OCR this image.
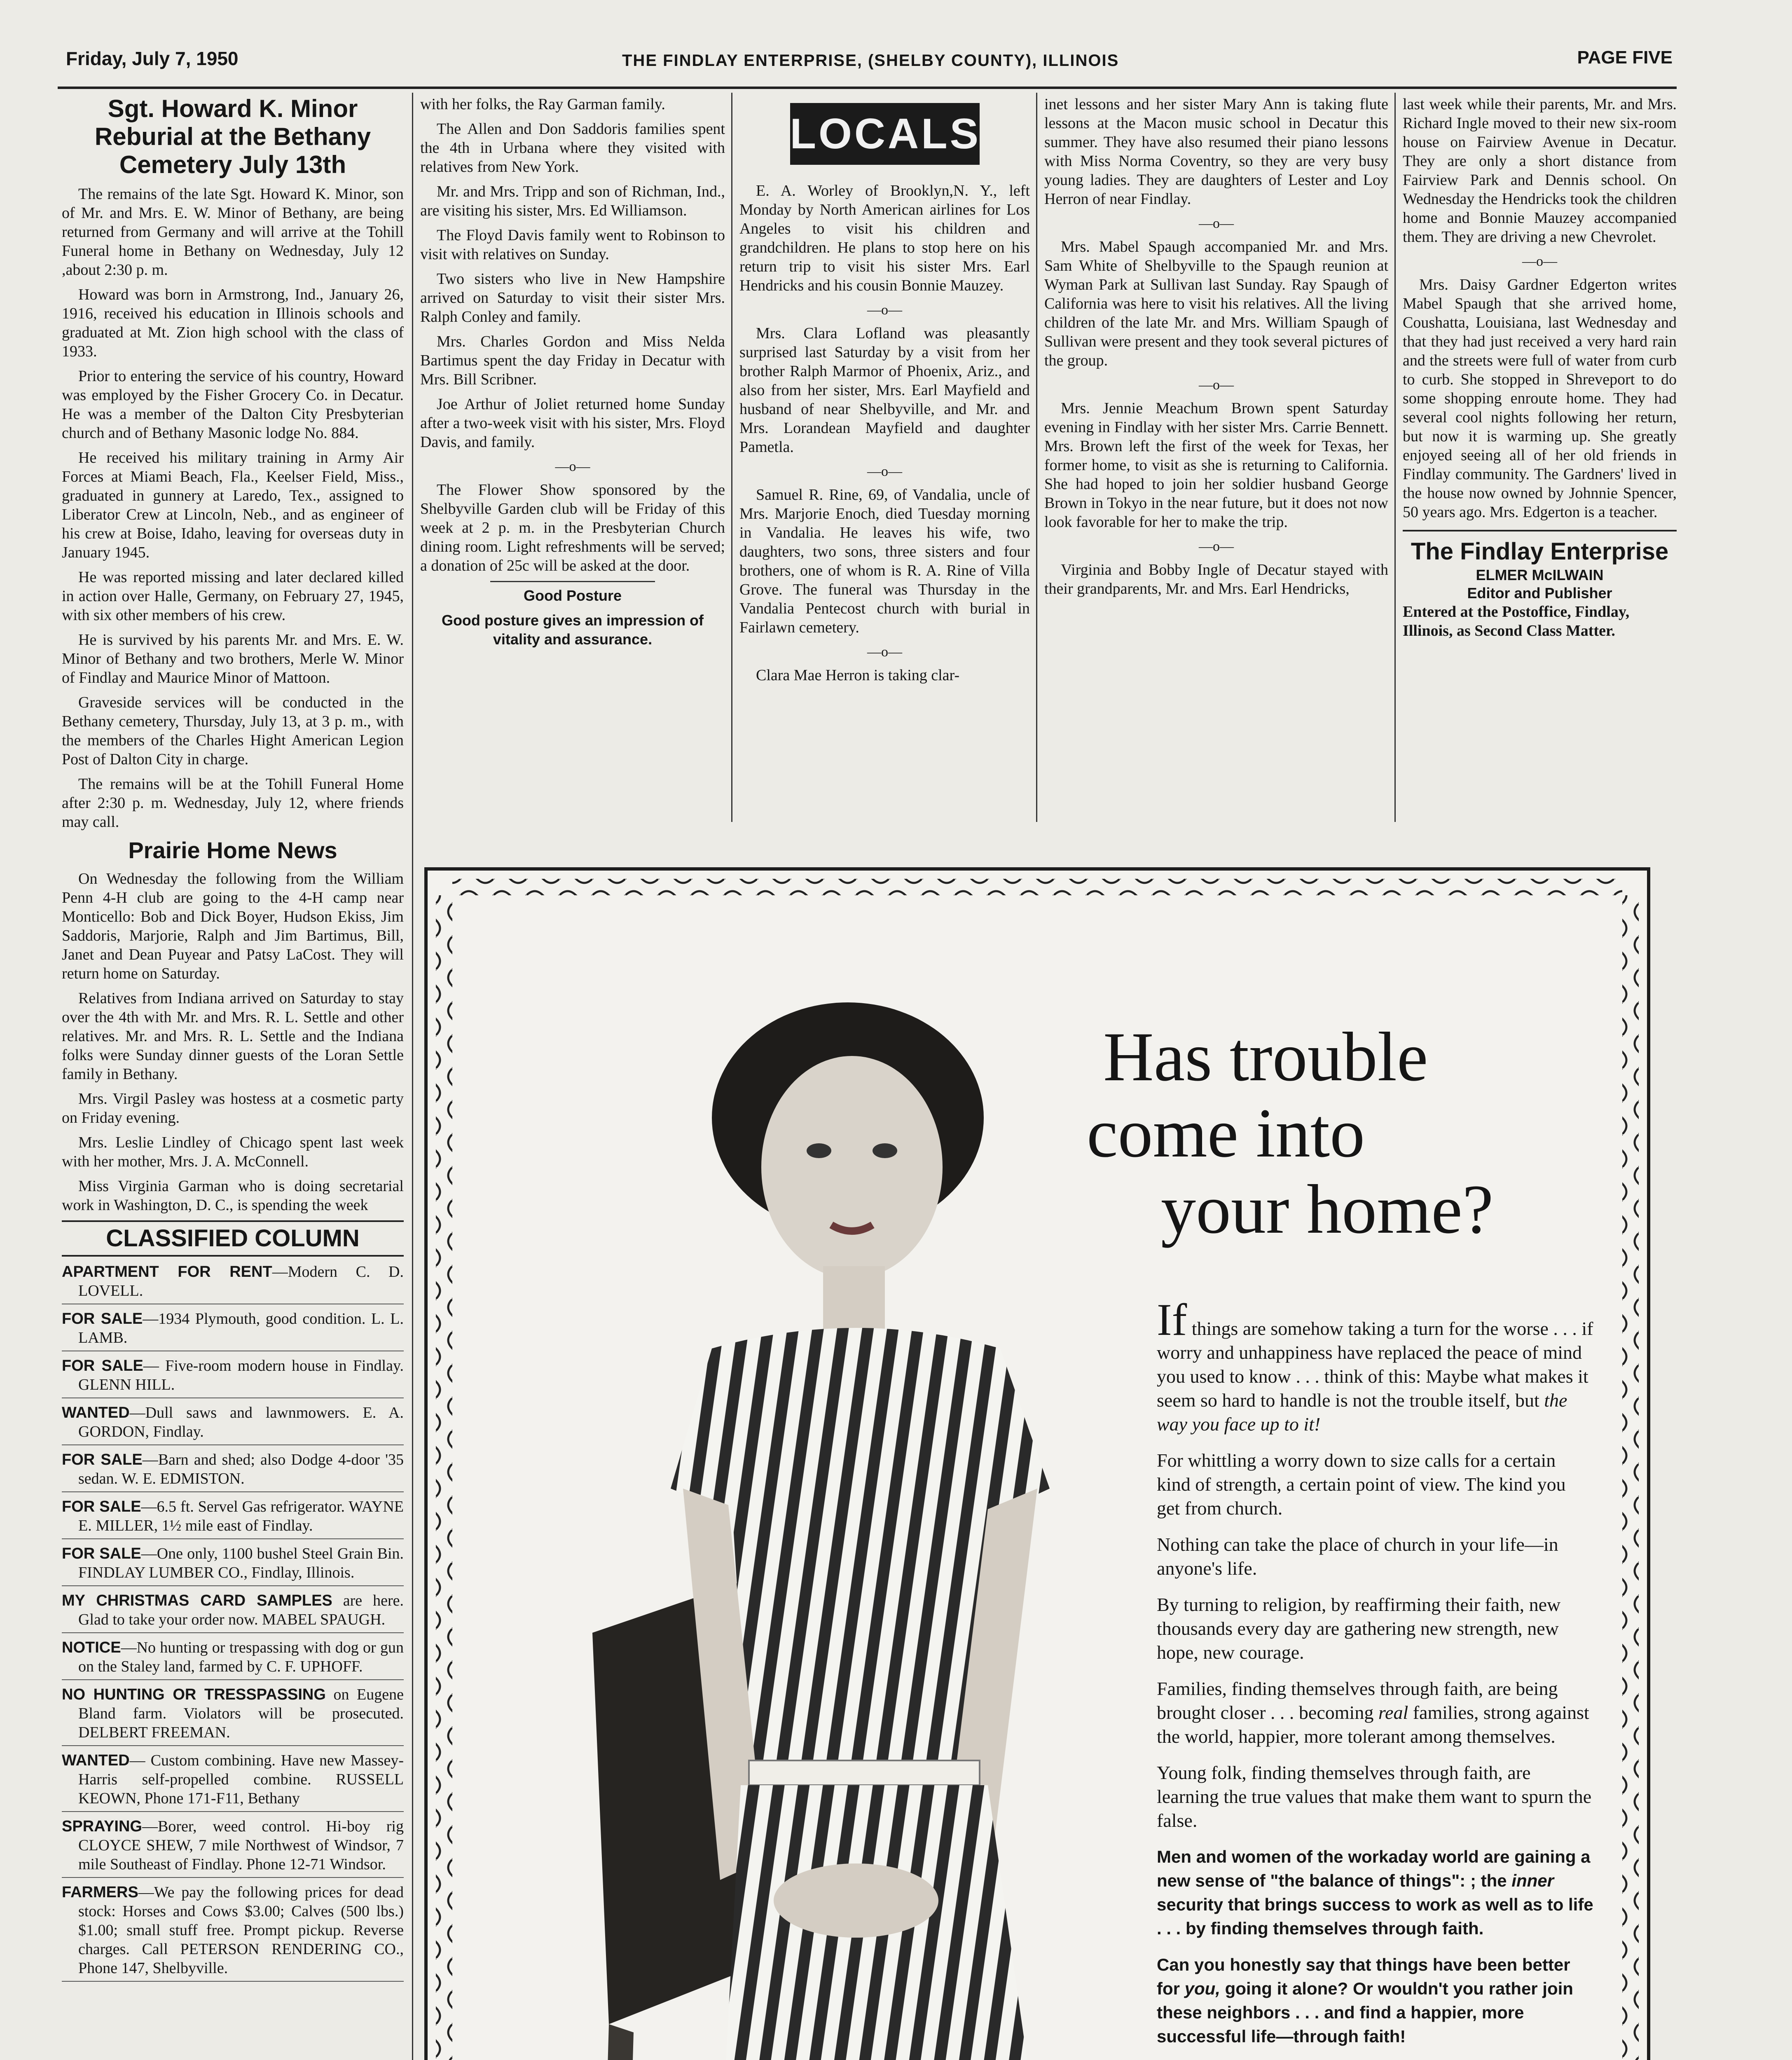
Friday, July 7, 1950	THE FINDLAY ENTERPRISE, (SHELBY COUNTY), ILLINOIS	PAGE FIVE

Sgt. Howard K. Minor Reburial at the Bethany Cemetery July 13th

The remains of the late Sgt. Howard K. Minor, son of Mr. and Mrs. E. W. Minor of Bethany, are being returned from Germany and will arrive at the Tohill Funeral home in Bethany on Wednesday, July 12 ,about 2:30 p. m.

Howard was born in Armstrong, Ind., January 26, 1916, received his education in Illinois schools and graduated at Mt. Zion high school with the class of 1933.

Prior to entering the service of his country, Howard was employed by the Fisher Grocery Co. in Decatur. He was a member of the Dalton City Presbyterian church and of Bethany Masonic lodge No. 884.

He received his military training in Army Air Forces at Miami Beach, Fla., Keelser Field, Miss., graduated in gunnery at Laredo, Tex., assigned to Liberator Crew at Lincoln, Neb., and as engineer of his crew at Boise, Idaho, leaving for overseas duty in January 1945.

He was reported missing and later declared killed in action over Halle, Germany, on February 27, 1945, with six other members of his crew.

He is survived by his parents Mr. and Mrs. E. W. Minor of Bethany and two brothers, Merle W. Minor of Findlay and Maurice Minor of Mattoon.

Graveside services will be conducted in the Bethany cemetery, Thursday, July 13, at 3 p. m., with the members of the Charles Hight American Legion Post of Dalton City in charge.

The remains will be at the Tohill Funeral Home after 2:30 p. m. Wednesday, July 12, where friends may call.

Prairie Home News

On Wednesday the following from the William Penn 4-H club are going to the 4-H camp near Monticello: Bob and Dick Boyer, Hudson Ekiss, Jim Saddoris, Marjorie, Ralph and Jim Bartimus, Bill, Janet and Dean Puyear and Patsy LaCost. They will return home on Saturday.

Relatives from Indiana arrived on Saturday to stay over the 4th with Mr. and Mrs. R. L. Settle and other relatives. Mr. and Mrs. R. L. Settle and the Indiana folks were Sunday dinner guests of the Loran Settle family in Bethany.

Mrs. Virgil Pasley was hostess at a cosmetic party on Friday evening.

Mrs. Leslie Lindley of Chicago spent last week with her mother, Mrs. J. A. McConnell.

Miss Virginia Garman who is doing secretarial work in Washington, D. C., is spending the week

CLASSIFIED COLUMN

APARTMENT FOR RENT—Modern C. D. LOVELL.

FOR SALE—1934 Plymouth, good condition. L. L. LAMB.

FOR SALE— Five-room modern house in Findlay. GLENN HILL.

WANTED—Dull saws and lawnmowers. E. A. GORDON, Findlay.

FOR SALE—Barn and shed; also Dodge 4-door '35 sedan. W. E. EDMISTON.

FOR SALE—6.5 ft. Servel Gas refrigerator. WAYNE E. MILLER, 1½ mile east of Findlay.

FOR SALE—One only, 1100 bushel Steel Grain Bin. FINDLAY LUMBER CO., Findlay, Illinois.

MY CHRISTMAS CARD SAMPLES are here. Glad to take your order now. MABEL SPAUGH.

NOTICE—No hunting or trespassing with dog or gun on the Staley land, farmed by C. F. UPHOFF.

NO HUNTING OR TRESSPASSING on Eugene Bland farm. Violators will be prosecuted. DELBERT FREEMAN.

WANTED— Custom combining. Have new Massey-Harris self-propelled combine. RUSSELL KEOWN, Phone 171-F11, Bethany

SPRAYING—Borer, weed control. Hi-boy rig CLOYCE SHEW, 7 mile Northwest of Windsor, 7 mile Southeast of Findlay. Phone 12-71 Windsor.

FARMERS—We pay the following prices for dead stock: Horses and Cows $3.00; Calves (500 lbs.) $1.00; small stuff free. Prompt pickup. Reverse charges. Call PETERSON RENDERING CO., Phone 147, Shelbyville.

with her folks, the Ray Garman family.

The Allen and Don Saddoris families spent the 4th in Urbana where they visited with relatives from New York.

Mr. and Mrs. Tripp and son of Richman, Ind., are visiting his sister, Mrs. Ed Williamson.

The Floyd Davis family went to Robinson to visit with relatives on Sunday.

Two sisters who live in New Hampshire arrived on Saturday to visit their sister Mrs. Ralph Conley and family.

Mrs. Charles Gordon and Miss Nelda Bartimus spent the day Friday in Decatur with Mrs. Bill Scribner.

Joe Arthur of Joliet returned home Sunday after a two-week visit with his sister, Mrs. Floyd Davis, and family.

—o—

The Flower Show sponsored by the Shelbyville Garden club will be Friday of this week at 2 p. m. in the Presbyterian Church dining room. Light refreshments will be served; a donation of 25c will be asked at the door.

Good Posture

Good posture gives an impression of vitality and assurance.

LOCALS

E. A. Worley of Brooklyn,N. Y., left Monday by North American airlines for Los Angeles to visit his children and grandchildren. He plans to stop here on his return trip to visit his sister Mrs. Earl Hendricks and his cousin Bonnie Mauzey.

—o—

Mrs. Clara Lofland was pleasantly surprised last Saturday by a visit from her brother Ralph Marmor of Phoenix, Ariz., and also from her sister, Mrs. Earl Mayfield and husband of near Shelbyville, and Mr. and Mrs. Lorandean Mayfield and daughter Pametla.

—o—

Samuel R. Rine, 69, of Vandalia, uncle of Mrs. Marjorie Enoch, died Tuesday morning in Vandalia. He leaves his wife, two daughters, two sons, three sisters and four brothers, one of whom is R. A. Rine of Villa Grove. The funeral was Thursday in the Vandalia Pentecost church with burial in Fairlawn cemetery.

—o—

Clara Mae Herron is taking clar-

inet lessons and her sister Mary Ann is taking flute lessons at the Macon music school in Decatur this summer. They have also resumed their piano lessons with Miss Norma Coventry, so they are very busy young ladies. They are daughters of Lester and Loy Herron of near Findlay.

—o—

Mrs. Mabel Spaugh accompanied Mr. and Mrs. Sam White of Shelbyville to the Spaugh reunion at Wyman Park at Sullivan last Sunday. Ray Spaugh of California was here to visit his relatives. All the living children of the late Mr. and Mrs. William Spaugh of Sullivan were present and they took several pictures of the group.

—o—

Mrs. Jennie Meachum Brown spent Saturday evening in Findlay with her sister Mrs. Carrie Bennett. Mrs. Brown left the first of the week for Texas, her former home, to visit as she is returning to California. She had hoped to join her soldier husband George Brown in Tokyo in the near future, but it does not now look favorable for her to make the trip.

—o—

Virginia and Bobby Ingle of Decatur stayed with their grandparents, Mr. and Mrs. Earl Hendricks,

last week while their parents, Mr. and Mrs. Richard Ingle moved to their new six-room house on Fairview Avenue in Decatur. They are only a short distance from Fairview Park and Dennis school. On Wednesday the Hendricks took the children home and Bonnie Mauzey accompanied them. They are driving a new Chevrolet.

—o—

Mrs. Daisy Gardner Edgerton writes Mabel Spaugh that she arrived home, Coushatta, Louisiana, last Wednesday and that they had just received a very hard rain and the streets were full of water from curb to curb. She stopped in Shreveport to do some shopping enroute home. They had several cool nights following her return, but now it is warming up. She greatly enjoyed seeing all of her old friends in Findlay community. The Gardners' lived in the house now owned by Johnnie Spencer, 50 years ago. Mrs. Edgerton is a teacher.

The Findlay Enterprise
ELMER McILWAIN
Editor and Publisher
Entered at the Postoffice, Findlay, Illinois, as Second Class Matter.
Has trouble
come into
your home?

If things are somehow taking a turn for the worse . . . if worry and unhappiness have replaced the peace of mind you used to know . . . think of this: Maybe what makes it seem so hard to handle is not the trouble itself, but the way you face up to it!

For whittling a worry down to size calls for a certain kind of strength, a certain point of view. The kind you get from church.

Nothing can take the place of church in your life—in anyone's life.

By turning to religion, by reaffirming their faith, new thousands every day are gathering new strength, new hope, new courage.

Families, finding themselves through faith, are being brought closer . . . becoming real families, strong against the world, happier, more tolerant among themselves.

Young folk, finding themselves through faith, are learning the true values that make them want to spurn the false.

Men and women of the workaday world are gaining a new sense of "the balance of things": ; the inner security that brings success to work as well as to life . . . by finding themselves through faith.

Can you honestly say that things have been better for you, going it alone? Or wouldn't you rather join these neighbors . . . and find a happier, more successful life—through faith!
